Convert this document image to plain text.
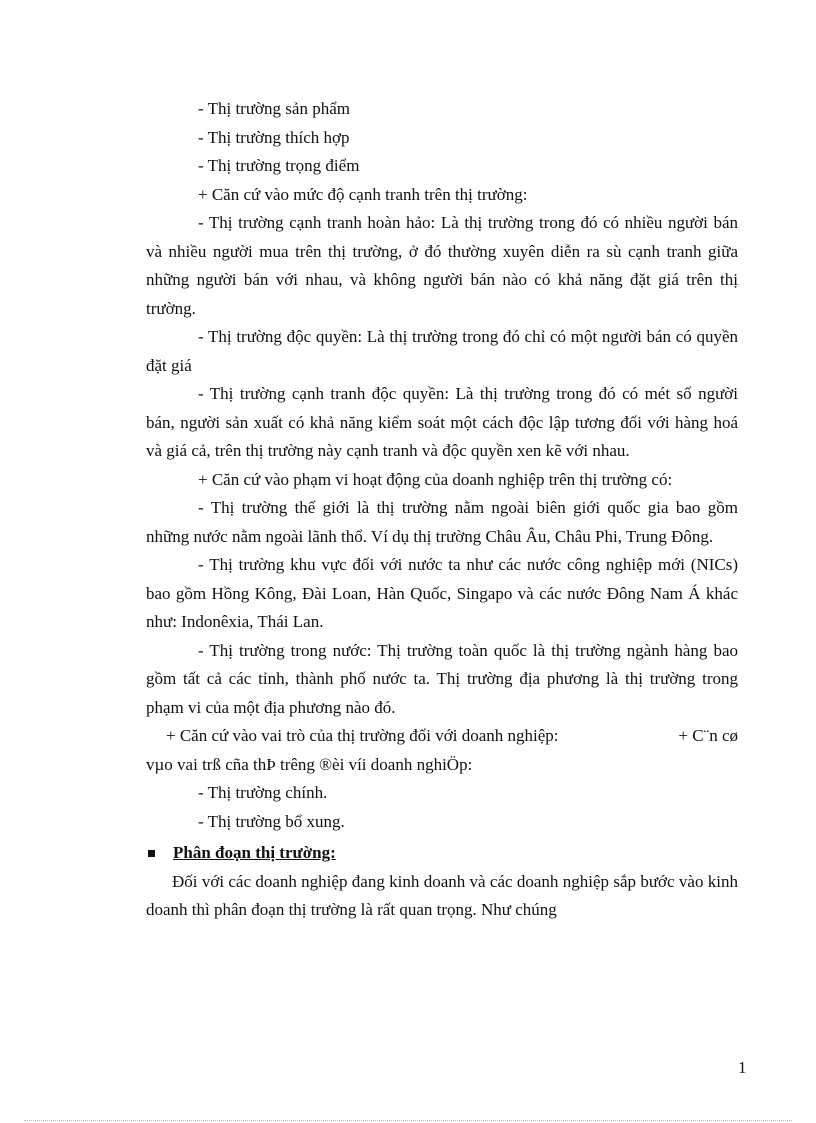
- Thị trường sản phẩm

- Thị trường thích hợp

- Thị trường trọng điểm

+ Căn cứ vào mức độ cạnh tranh trên thị trường:

- Thị trường cạnh tranh hoàn hảo: Là thị trường trong đó có nhiều người bán và nhiều người mua trên thị trường, ở đó thường xuyên diễn ra sù cạnh tranh giữa những người bán với nhau, và không người bán nào có khả năng đặt giá trên thị trường.

- Thị trường độc quyền: Là thị trường trong đó chỉ có một người bán có quyền đặt giá

- Thị trường cạnh tranh độc quyền: Là thị trường trong đó có mét số người bán, người sản xuất có khả năng kiểm soát một cách độc lập tương đối với hàng hoá và giá cả, trên thị trường này cạnh tranh và độc quyền xen kẽ với nhau.

+ Căn cứ vào phạm vi hoạt động của doanh nghiệp trên thị trường có:

- Thị trường thế giới là thị trường nằm ngoài biên giới quốc gia bao gồm những nước nằm ngoài lãnh thổ. Ví dụ thị trường Châu Âu, Châu Phi, Trung Đông.

- Thị trường khu vực đối với nước ta như các nước công nghiệp mới (NICs) bao gồm Hồng Kông, Đài Loan, Hàn Quốc, Singapo và các nước Đông Nam Á khác như: Indonêxia, Thái Lan.

- Thị trường trong nước: Thị trường toàn quốc là thị trường ngành hàng bao gồm tất cả các tỉnh, thành phố nước ta. Thị trường địa phương là thị trường trong phạm vi của một địa phương nào đó.

+ Căn cứ vào vai trò của thị trường đối với doanh nghiệp:	+ C¨n cø

vµo vai trß cña thÞ trêng ®èi víi doanh nghiÖp:

- Thị trường chính.

- Thị trường bổ xung.

Phân đoạn thị trường:

Đối với các doanh nghiệp đang kinh doanh và các doanh nghiệp sắp bước vào kinh doanh thì phân đoạn thị trường là rất quan trọng. Như chúng

1
